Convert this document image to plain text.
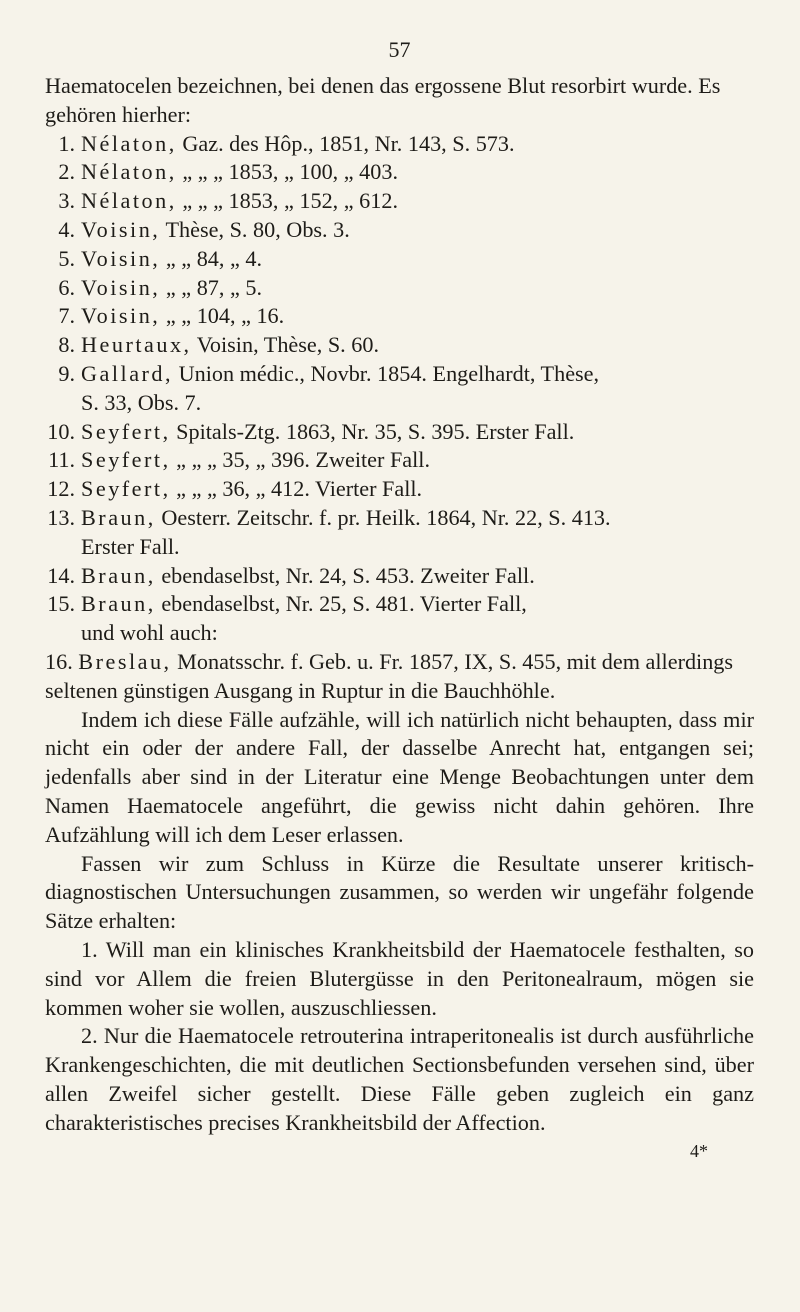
57

Haematocelen bezeichnen, bei denen das ergossene Blut resorbirt wurde. Es gehören hierher:

1. Nélaton, Gaz. des Hôp., 1851, Nr. 143, S. 573.
2. Nélaton, „ „ „ 1853, „ 100, „ 403.
3. Nélaton, „ „ „ 1853, „ 152, „ 612.
4. Voisin, Thèse, S. 80, Obs. 3.
5. Voisin, „ „ 84, „ 4.
6. Voisin, „ „ 87, „ 5.
7. Voisin, „ „ 104, „ 16.
8. Heurtaux, Voisin, Thèse, S. 60.
9. Gallard, Union médic., Novbr. 1854. Engelhardt, Thèse,
S. 33, Obs. 7.
10. Seyfert, Spitals-Ztg. 1863, Nr. 35, S. 395. Erster Fall.
11. Seyfert, „ „ „ 35, „ 396. Zweiter Fall.
12. Seyfert, „ „ „ 36, „ 412. Vierter Fall.
13. Braun, Oesterr. Zeitschr. f. pr. Heilk. 1864, Nr. 22, S. 413.
Erster Fall.
14. Braun, ebendaselbst, Nr. 24, S. 453. Zweiter Fall.
15. Braun, ebendaselbst, Nr. 25, S. 481. Vierter Fall,
und wohl auch:

16. Breslau, Monatsschr. f. Geb. u. Fr. 1857, IX, S. 455, mit dem allerdings seltenen günstigen Ausgang in Ruptur in die Bauchhöhle.

Indem ich diese Fälle aufzähle, will ich natürlich nicht behaupten, dass mir nicht ein oder der andere Fall, der dasselbe Anrecht hat, entgangen sei; jedenfalls aber sind in der Literatur eine Menge Beobachtungen unter dem Namen Haematocele angeführt, die gewiss nicht dahin gehören. Ihre Aufzählung will ich dem Leser erlassen.

Fassen wir zum Schluss in Kürze die Resultate unserer kritisch-diagnostischen Untersuchungen zusammen, so werden wir ungefähr folgende Sätze erhalten:

1. Will man ein klinisches Krankheitsbild der Haematocele festhalten, so sind vor Allem die freien Blutergüsse in den Peritonealraum, mögen sie kommen woher sie wollen, auszuschliessen.

2. Nur die Haematocele retrouterina intraperitonealis ist durch ausführliche Krankengeschichten, die mit deutlichen Sectionsbefunden versehen sind, über allen Zweifel sicher gestellt. Diese Fälle geben zugleich ein ganz charakteristisches precises Krankheitsbild der Affection.

4*
